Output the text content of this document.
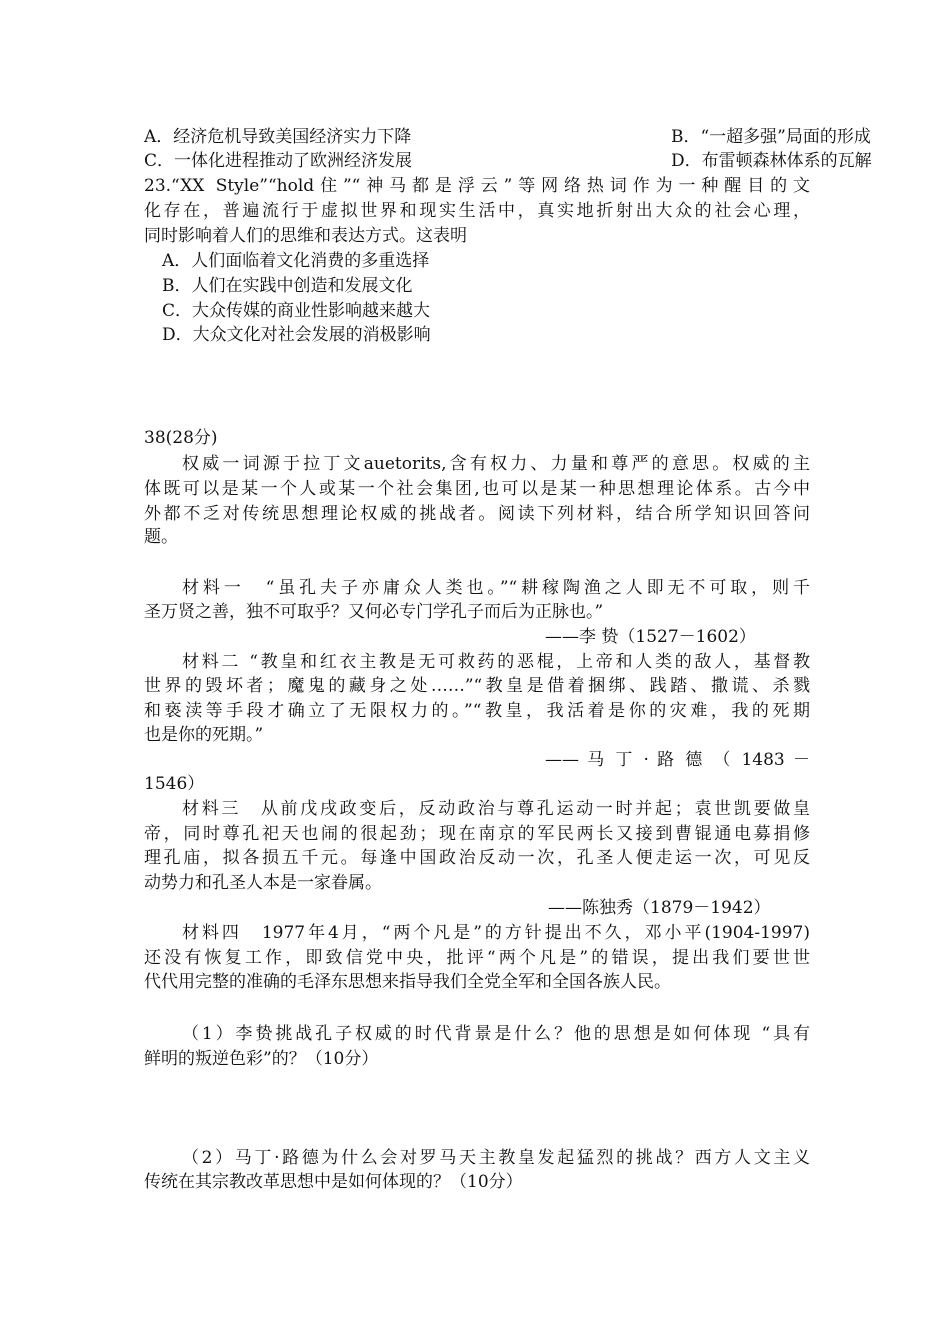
A．经济危机导致美国经济实力下降	B．“一超多强”局面的形成
C．一体化进程推动了欧洲经济发展	D．布雷顿森林体系的瓦解
23.“XX Style”“hold住”“神马都是浮云”等网络热词作为一种醒目的文
化存在，普遍流行于虚拟世界和现实生活中，真实地折射出大众的社会心理，
同时影响着人们的思维和表达方式。这表明
A．人们面临着文化消费的多重选择
B．人们在实践中创造和发展文化
C．大众传媒的商业性影响越来越大
D．大众文化对社会发展的消极影响
38(28分)
权威一词源于拉丁文auetorits,含有权力、力量和尊严的意思。权威的主
体既可以是某一个人或某一个社会集团,也可以是某一种思想理论体系。古今中
外都不乏对传统思想理论权威的挑战者。阅读下列材料，结合所学知识回答问
题。
材料一　“虽孔夫子亦庸众人类也。”“耕稼陶渔之人即无不可取，则千
圣万贤之善，独不可取乎？又何必专门学孔子而后为正脉也。”
——李 贽（1527－1602）
材料二 “教皇和红衣主教是无可救药的恶棍，上帝和人类的敌人，基督教
世界的毁坏者；魔鬼的藏身之处……”“教皇是借着捆绑、践踏、撒谎、杀戮
和亵渎等手段才确立了无限权力的。”“教皇，我活着是你的灾难，我的死期
也是你的死期。”
—— 马 丁 · 路 德 （ 1483 －
1546）
材料三　从前戊戌政变后，反动政治与尊孔运动一时并起；袁世凯要做皇
帝，同时尊孔祀天也闹的很起劲；现在南京的军民两长又接到曹锟通电募捐修
理孔庙，拟各损五千元。每逢中国政治反动一次，孔圣人便走运一次，可见反
动势力和孔圣人本是一家眷属。
——陈独秀（1879－1942）
材料四　1977年4月，“两个凡是”的方针提出不久，邓小平(1904-1997)
还没有恢复工作，即致信党中央，批评“两个凡是”的错误，提出我们要世世
代代用完整的准确的毛泽东思想来指导我们全党全军和全国各族人民。
（1）李贽挑战孔子权威的时代背景是什么？他的思想是如何体现 “具有
鲜明的叛逆色彩”的？（10分）
（2）马丁·路德为什么会对罗马天主教皇发起猛烈的挑战？西方人文主义
传统在其宗教改革思想中是如何体现的？（10分）
